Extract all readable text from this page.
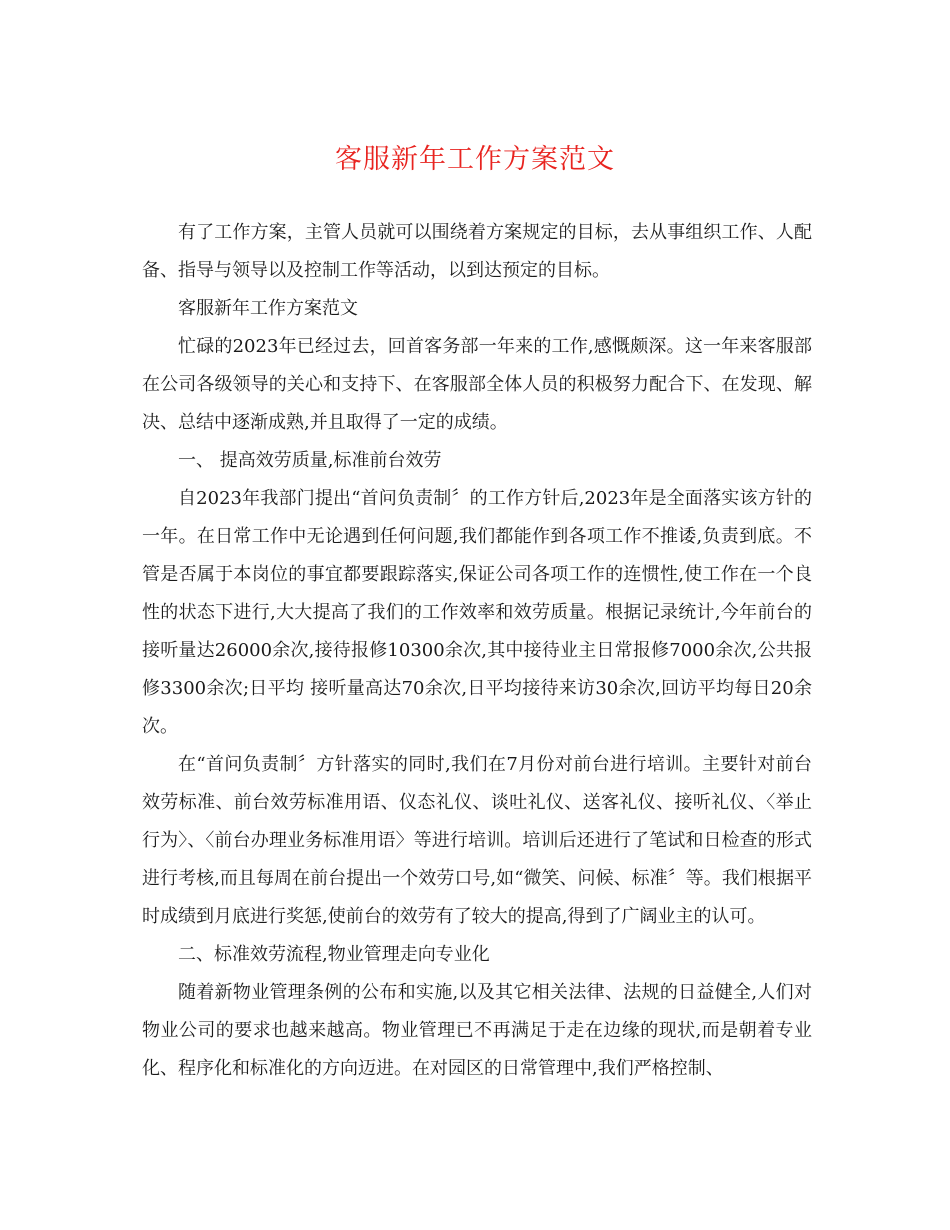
客服新年工作方案范文

有了工作方案，主管人员就可以围绕着方案规定的目标，去从事组织工作、人配备、指导与领导以及控制工作等活动，以到达预定的目标。

客服新年工作方案范文

忙碌的2023年已经过去，回首客务部一年来的工作,感慨颇深。这一年来客服部在公司各级领导的关心和支持下、在客服部全体人员的积极努力配合下、在发现、解决、总结中逐渐成熟,并且取得了一定的成绩。

一、 提高效劳质量,标准前台效劳

自2023年我部门提出“首问负责制〞的工作方针后,2023年是全面落实该方针的一年。在日常工作中无论遇到任何问题,我们都能作到各项工作不推诿,负责到底。不管是否属于本岗位的事宜都要跟踪落实,保证公司各项工作的连惯性,使工作在一个良性的状态下进行,大大提高了我们的工作效率和效劳质量。根据记录统计,今年前台的 接听量达26000余次,接待报修10300余次,其中接待业主日常报修7000余次,公共报修3300余次;日平均 接听量高达70余次,日平均接待来访30余次,回访平均每日20余次。

在“首问负责制〞方针落实的同时,我们在7月份对前台进行培训。主要针对前台效劳标准、前台效劳标准用语、仪态礼仪、谈吐礼仪、送客礼仪、接听礼仪、〈举止行为〉、〈前台办理业务标准用语〉等进行培训。培训后还进行了笔试和日检查的形式进行考核,而且每周在前台提出一个效劳口号,如“微笑、问候、标准〞等。我们根据平时成绩到月底进行奖惩,使前台的效劳有了较大的提高,得到了广阔业主的认可。

二、标准效劳流程,物业管理走向专业化

随着新物业管理条例的公布和实施,以及其它相关法律、法规的日益健全,人们对物业公司的要求也越来越高。物业管理已不再满足于走在边缘的现状,而是朝着专业化、程序化和标准化的方向迈进。在对园区的日常管理中,我们严格控制、
